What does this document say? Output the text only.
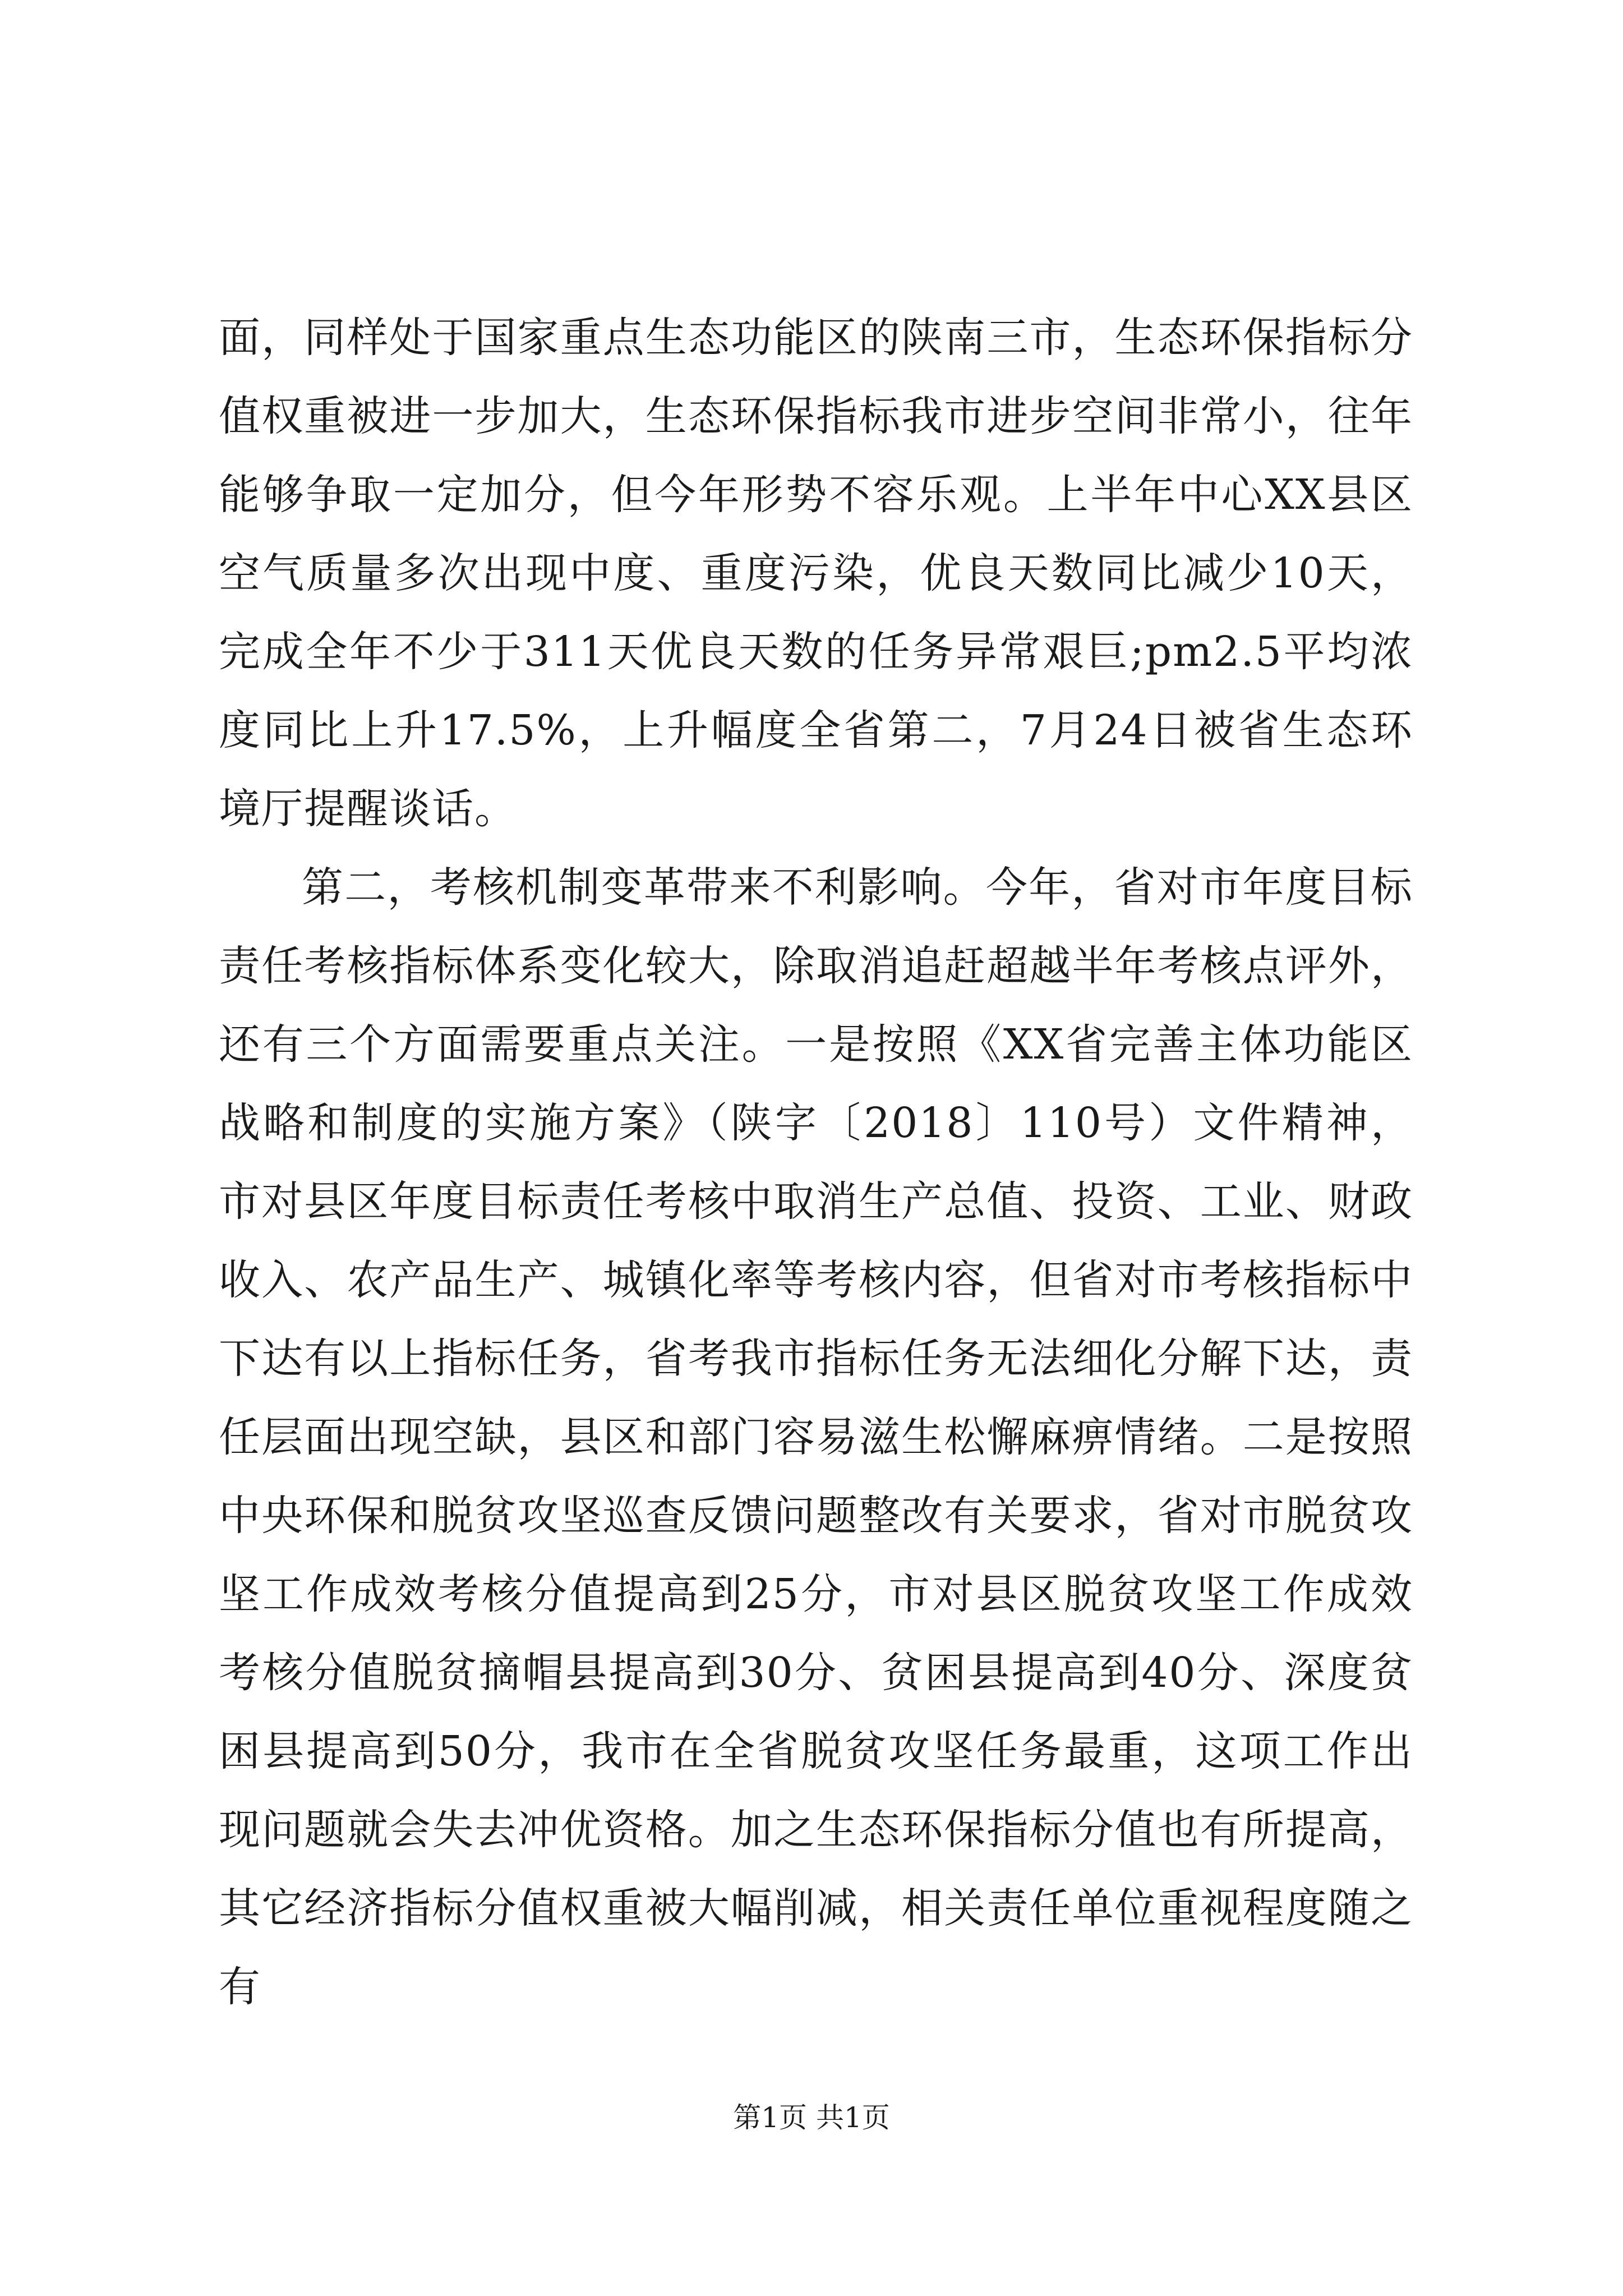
面，同样处于国家重点生态功能区的陕南三市，生态环保指标分值权重被进一步加大，生态环保指标我市进步空间非常小，往年能够争取一定加分，但今年形势不容乐观。上半年中心XX县区空气质量多次出现中度、重度污染，优良天数同比减少10天，完成全年不少于311天优良天数的任务异常艰巨;pm2.5平均浓度同比上升17.5%，上升幅度全省第二，7月24日被省生态环境厅提醒谈话。

第二，考核机制变革带来不利影响。今年，省对市年度目标责任考核指标体系变化较大，除取消追赶超越半年考核点评外，还有三个方面需要重点关注。一是按照《XX省完善主体功能区战略和制度的实施方案》（陕字〔2018〕110号）文件精神，市对县区年度目标责任考核中取消生产总值、投资、工业、财政收入、农产品生产、城镇化率等考核内容，但省对市考核指标中下达有以上指标任务，省考我市指标任务无法细化分解下达，责任层面出现空缺，县区和部门容易滋生松懈麻痹情绪。二是按照中央环保和脱贫攻坚巡查反馈问题整改有关要求，省对市脱贫攻坚工作成效考核分值提高到25分，市对县区脱贫攻坚工作成效考核分值脱贫摘帽县提高到30分、贫困县提高到40分、深度贫困县提高到50分，我市在全省脱贫攻坚任务最重，这项工作出现问题就会失去冲优资格。加之生态环保指标分值也有所提高，其它经济指标分值权重被大幅削减，相关责任单位重视程度随之有

第1页 共1页
